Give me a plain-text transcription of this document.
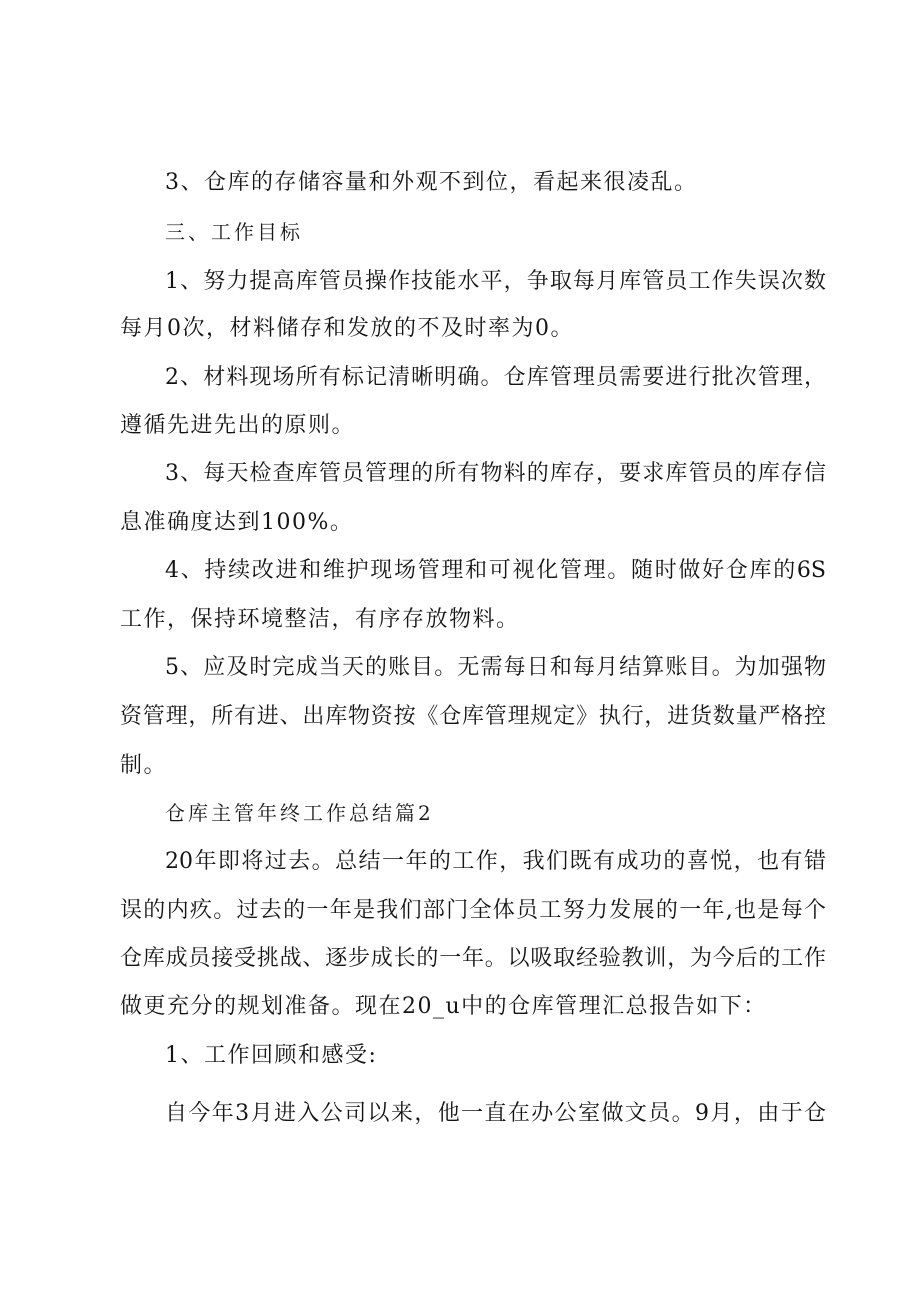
3、仓库的存储容量和外观不到位，看起来很凌乱。
三、工作目标
1、努力提高库管员操作技能水平，争取每月库管员工作失误次数
每月0次，材料储存和发放的不及时率为0。
2、材料现场所有标记清晰明确。仓库管理员需要进行批次管理，
遵循先进先出的原则。
3、每天检查库管员管理的所有物料的库存，要求库管员的库存信
息准确度达到100%。
4、持续改进和维护现场管理和可视化管理。随时做好仓库的6S
工作，保持环境整洁，有序存放物料。
5、应及时完成当天的账目。无需每日和每月结算账目。为加强物
资管理，所有进、出库物资按《仓库管理规定》执行，进货数量严格控
制。
仓库主管年终工作总结篇2
20年即将过去。总结一年的工作，我们既有成功的喜悦，也有错
误的内疚。过去的一年是我们部门全体员工努力发展的一年,也是每个
仓库成员接受挑战、逐步成长的一年。以吸取经验教训，为今后的工作
做更充分的规划准备。现在20_u中的仓库管理汇总报告如下：
1、工作回顾和感受:
自今年3月进入公司以来，他一直在办公室做文员。9月，由于仓
